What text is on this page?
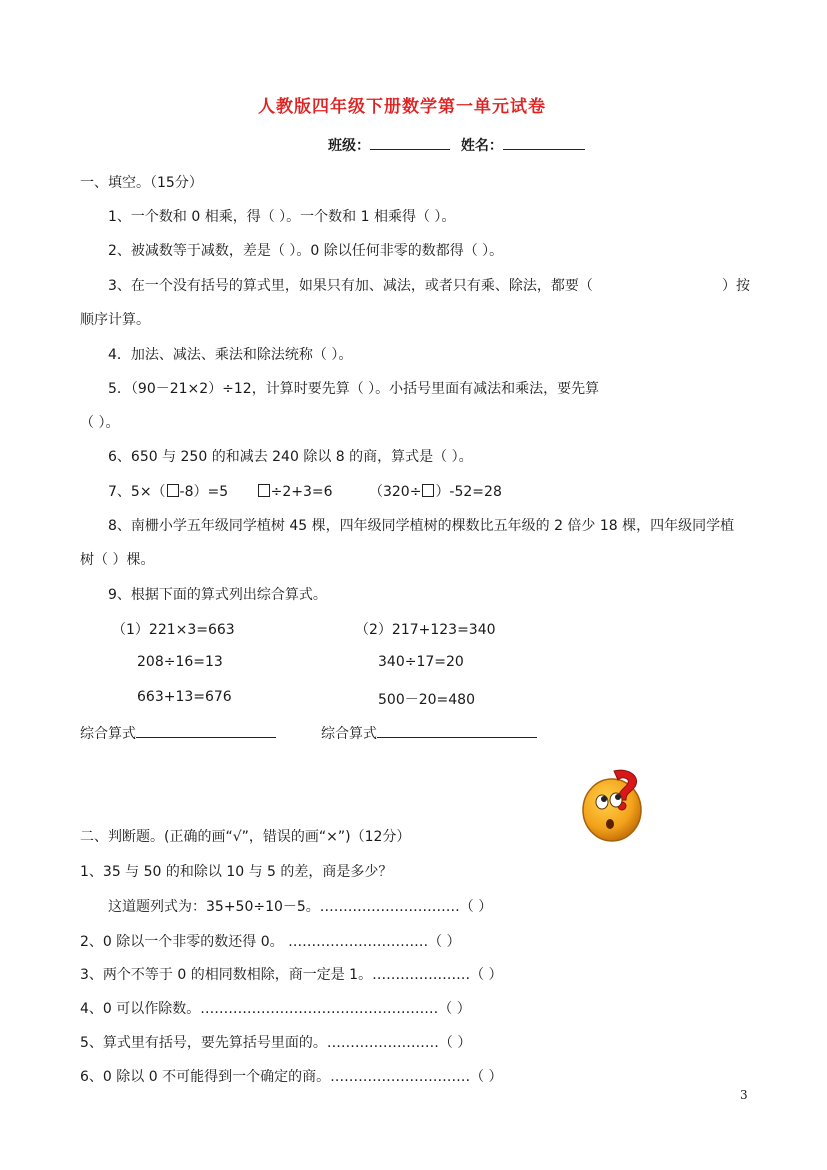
人教版四年级下册数学第一单元试卷
班级：	姓名：
一、填空。（15分）
1、一个数和 0 相乘，得（ ）。一个数和 1 相乘得（ ）。
2、被减数等于减数，差是（ ）。0 除以任何非零的数都得（ ）。
3、在一个没有括号的算式里，如果只有加、减法，或者只有乘、除法，都要（	）按
顺序计算。
4．加法、减法、乘法和除法统称（ ）。
5．（90－21×2）÷12，计算时要先算（ ）。小括号里面有减法和乘法，要先算
（ ）。
6、650 与 250 的和减去 240 除以 8 的商，算式是（ ）。
7、5×（ -8）=5	÷2+3=6	（320÷ ）-52=28
8、南栅小学五年级同学植树 45 棵，四年级同学植树的棵数比五年级的 2 倍少 18 棵，四年级同学植
树（ ）棵。
9、根据下面的算式列出综合算式。
（1）221×3=663
208÷16=13
663+13=676
（2）217+123=340
340÷17=20
500－20=480
综合算式	综合算式
二、判断题。(正确的画“√”，错误的画“×”)（12分）
1、35 与 50 的和除以 10 与 5 的差，商是多少？
这道题列式为：35+50÷10－5。…………………………（ ）
2、0 除以一个非零的数还得 0。 …………………………（ ）
3、两个不等于 0 的相同数相除，商一定是 1。…………………（ ）
4、0 可以作除数。……………………………………………（ ）
5、算式里有括号，要先算括号里面的。……………………（ ）
6、0 除以 0 不可能得到一个确定的商。…………………………（ ）
3
